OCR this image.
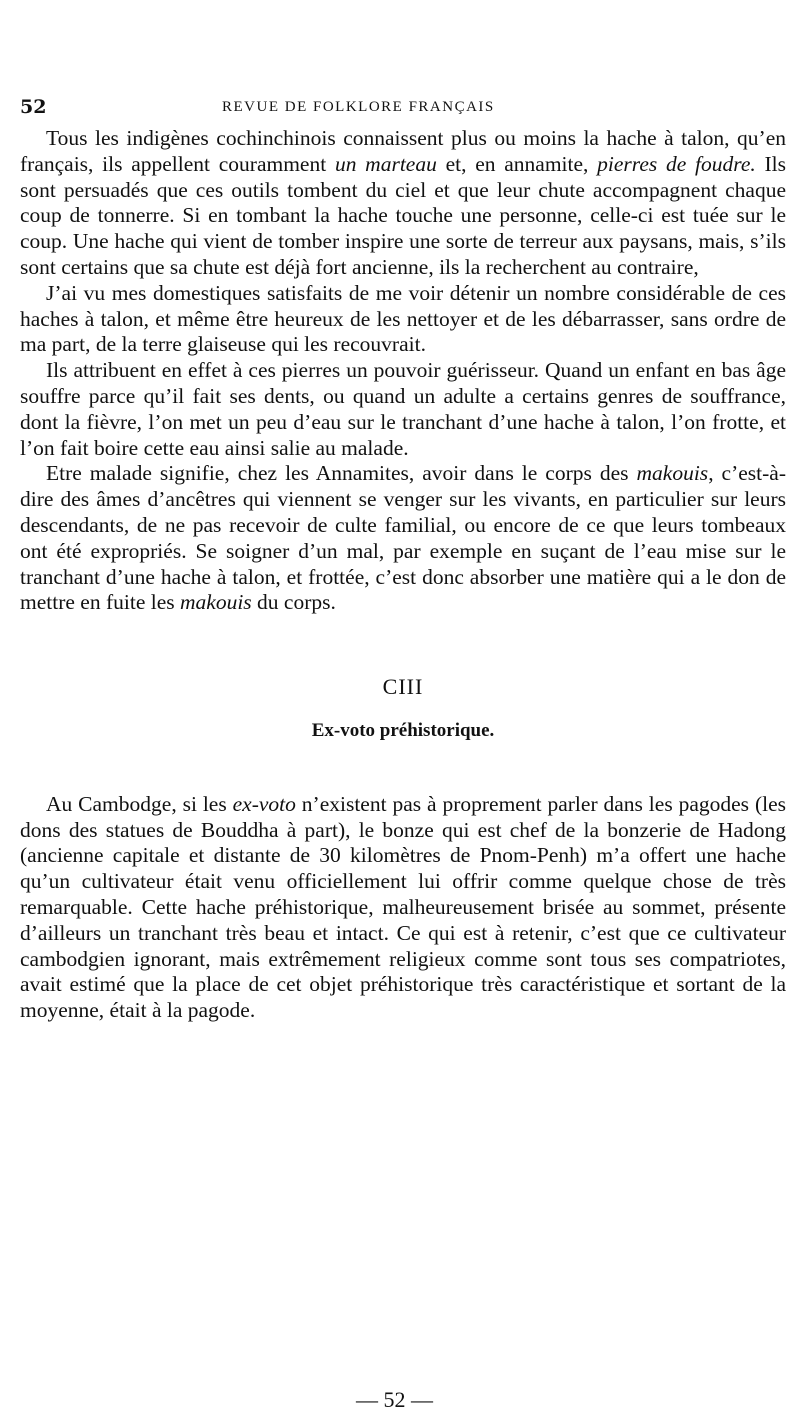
52	REVUE DE FOLKLORE FRANÇAIS

Tous les indigènes cochinchinois connaissent plus ou moins la hache à talon, qu’en français, ils appellent couramment un marteau et, en annamite, pierres de foudre. Ils sont persuadés que ces outils tombent du ciel et que leur chute accompagnent chaque coup de tonnerre. Si en tombant la hache touche une personne, celle-ci est tuée sur le coup. Une hache qui vient de tomber inspire une sorte de terreur aux paysans, mais, s’ils sont certains que sa chute est déjà fort ancienne, ils la recherchent au contraire,

J’ai vu mes domestiques satisfaits de me voir détenir un nombre considérable de ces haches à talon, et même être heureux de les nettoyer et de les débarrasser, sans ordre de ma part, de la terre glaiseuse qui les recouvrait.

Ils attribuent en effet à ces pierres un pouvoir guérisseur. Quand un enfant en bas âge souffre parce qu’il fait ses dents, ou quand un adulte a certains genres de souffrance, dont la fièvre, l’on met un peu d’eau sur le tranchant d’une hache à talon, l’on frotte, et l’on fait boire cette eau ainsi salie au malade.

Etre malade signifie, chez les Annamites, avoir dans le corps des makouis, c’est-à-dire des âmes d’ancêtres qui viennent se venger sur les vivants, en particulier sur leurs descendants, de ne pas recevoir de culte familial, ou encore de ce que leurs tombeaux ont été expropriés. Se soigner d’un mal, par exemple en suçant de l’eau mise sur le tranchant d’une hache à talon, et frottée, c’est donc absorber une matière qui a le don de mettre en fuite les makouis du corps.

CIII
Ex-voto préhistorique.

Au Cambodge, si les ex-voto n’existent pas à proprement parler dans les pagodes (les dons des statues de Bouddha à part), le bonze qui est chef de la bonzerie de Hadong (ancienne capitale et distante de 30 kilomètres de Pnom-Penh) m’a offert une hache qu’un cultivateur était venu officiellement lui offrir comme quelque chose de très remarquable. Cette hache préhistorique, malheureusement brisée au sommet, présente d’ailleurs un tranchant très beau et intact. Ce qui est à retenir, c’est que ce cultivateur cambodgien ignorant, mais extrêmement religieux comme sont tous ses compatriotes, avait estimé que la place de cet objet préhistorique très caractéristique et sortant de la moyenne, était à la pagode.

— 52 —
